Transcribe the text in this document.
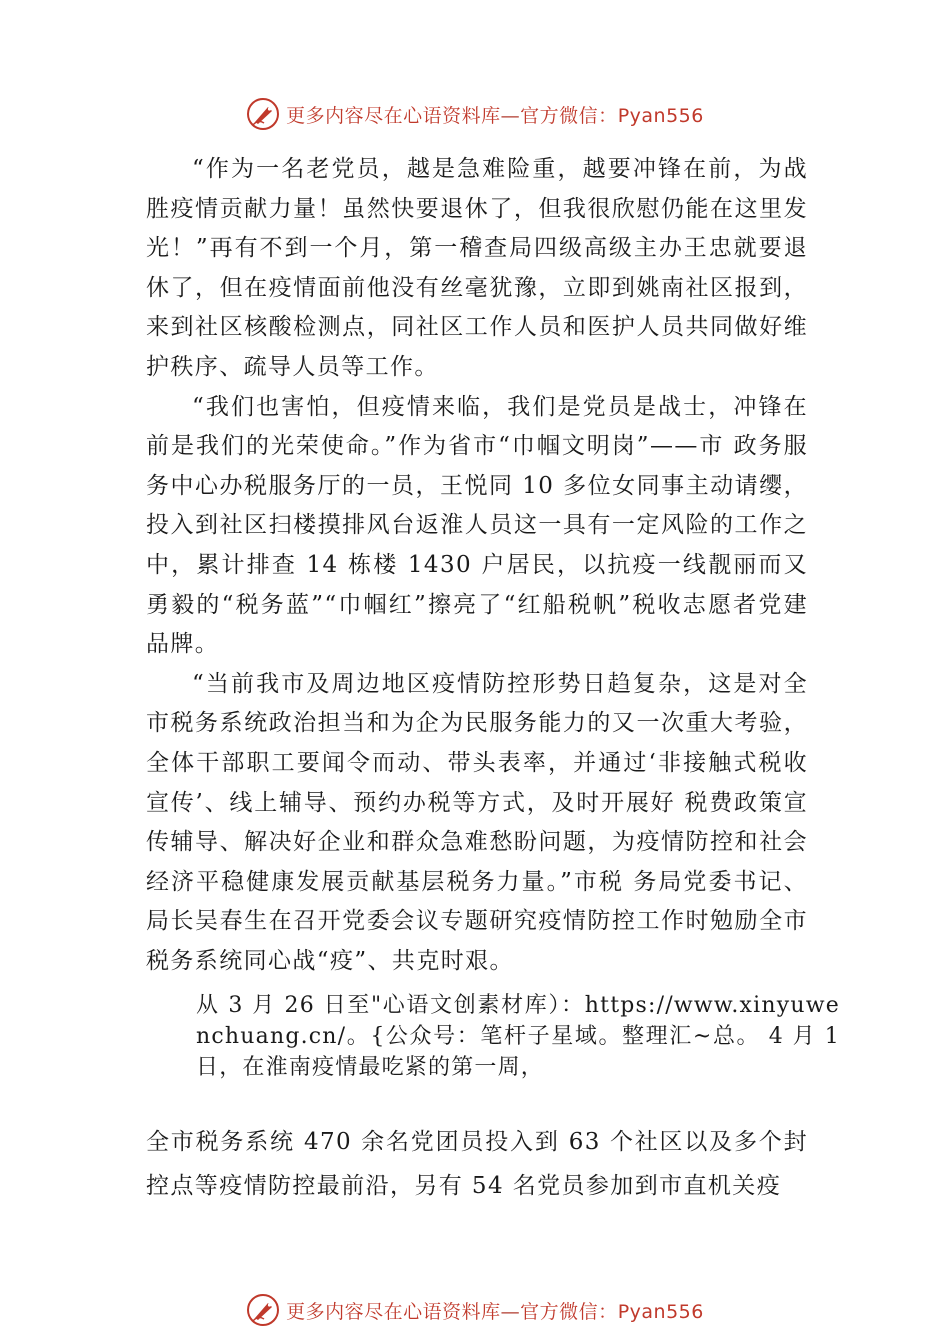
更多内容尽在心语资料库—官方微信：Pyan556

“作为一名老党员，越是急难险重，越要冲锋在前，为战胜疫情贡献力量！虽然快要退休了，但我很欣慰仍能在这里发光！”再有不到一个月，第一稽查局四级高级主办王忠就要退休了，但在疫情面前他没有丝毫犹豫，立即到姚南社区报到，来到社区核酸检测点，同社区工作人员和医护人员共同做好维护秩序、疏导人员等工作。

“我们也害怕，但疫情来临，我们是党员是战士，冲锋在前是我们的光荣使命。”作为省市“巾帼文明岗”——市 政务服务中心办税服务厅的一员，王悦同 10 多位女同事主动请缨，投入到社区扫楼摸排风台返淮人员这一具有一定风险的工作之中，累计排查 14 栋楼 1430 户居民，以抗疫一线靓丽而又勇毅的“税务蓝”“巾帼红”擦亮了“红船税帆”税收志愿者党建品牌。

“当前我市及周边地区疫情防控形势日趋复杂，这是对全市税务系统政治担当和为企为民服务能力的又一次重大考验，全体干部职工要闻令而动、带头表率，并通过‘非接触式税收宣传’、线上辅导、预约办税等方式，及时开展好 税费政策宣传辅导、解决好企业和群众急难愁盼问题，为疫情防控和社会经济平稳健康发展贡献基层税务力量。”市税 务局党委书记、局长吴春生在召开党委会议专题研究疫情防控工作时勉励全市税务系统同心战“疫”、共克时艰。

从 3 月 26 日至"心语文创素材库）：https://www.xinyuwenchuang.cn/。{公众号：笔杆子星域。整理汇~总。 4 月 1 日，在淮南疫情最吃紧的第一周，

全市税务系统 470 余名党团员投入到 63 个社区以及多个封控点等疫情防控最前沿，另有 54 名党员参加到市直机关疫

更多内容尽在心语资料库—官方微信：Pyan556
